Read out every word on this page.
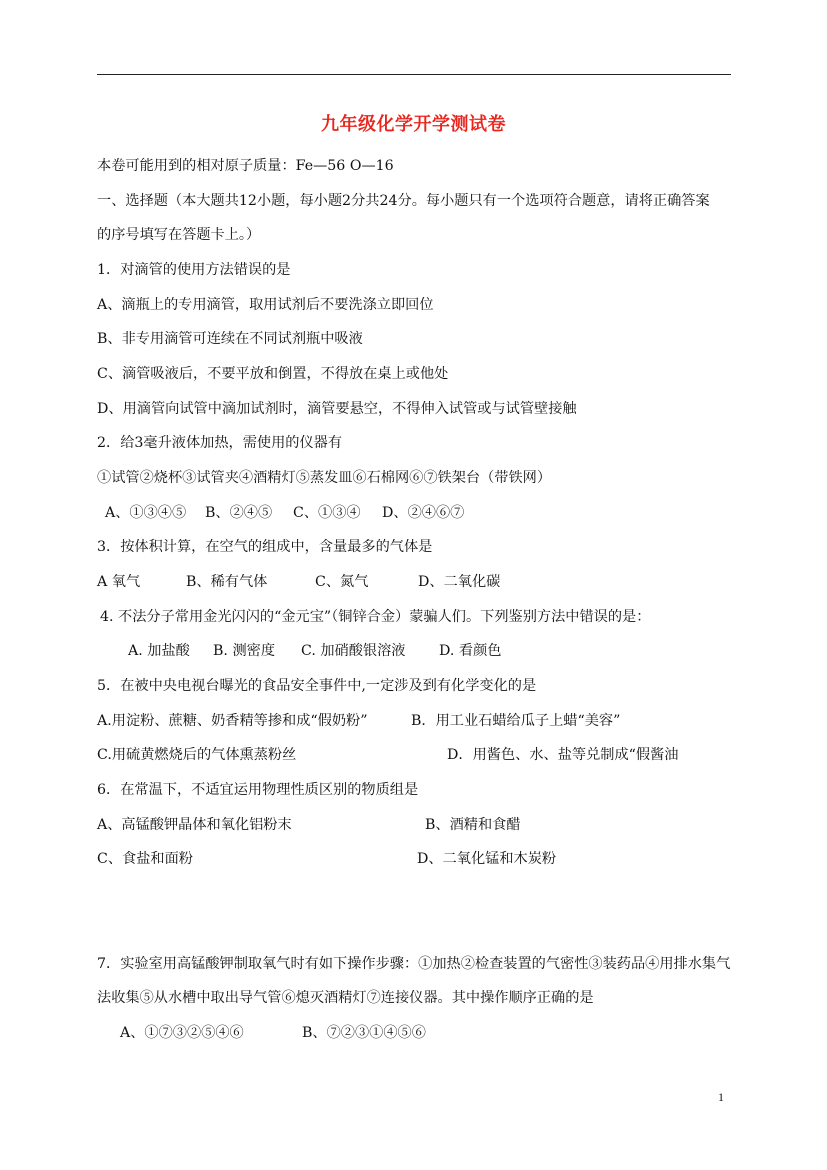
九年级化学开学测试卷
本卷可能用到的相对原子质量：Fe—56 O—16
一、选择题（本大题共12小题，每小题2分共24分。每小题只有一个选项符合题意，请将正确答案
的序号填写在答题卡上。）
1．对滴管的使用方法错误的是
A、滴瓶上的专用滴管，取用试剂后不要洗涤立即回位
B、非专用滴管可连续在不同试剂瓶中吸液
C、滴管吸液后，不要平放和倒置，不得放在桌上或他处
D、用滴管向试管中滴加试剂时，滴管要悬空，不得伸入试管或与试管壁接触
2．给3毫升液体加热，需使用的仪器有
①试管②烧杯③试管夹④酒精灯⑤蒸发皿⑥石棉网⑥⑦铁架台（带铁网）
A、①③④⑤ B、②④⑤ C、①③④ D、②④⑥⑦
3．按体积计算，在空气的组成中，含量最多的气体是
A 氧气	B、稀有气体	C、氮气	D、二氧化碳
4. 不法分子常用金光闪闪的“金元宝”（铜锌合金）蒙骗人们。下列鉴别方法中错误的是：
A. 加盐酸 B. 测密度 C. 加硝酸银溶液 D. 看颜色
5．在被中央电视台曝光的食品安全事件中,一定涉及到有化学变化的是
A.用淀粉、蔗糖、奶香精等掺和成“假奶粉”	B．用工业石蜡给瓜子上蜡“美容”
C.用硫黄燃烧后的气体熏蒸粉丝	D．用酱色、水、盐等兑制成“假酱油
6．在常温下，不适宜运用物理性质区别的物质组是
A、高锰酸钾晶体和氧化铝粉末	B、酒精和食醋
C、食盐和面粉	D、二氧化锰和木炭粉
7．实验室用高锰酸钾制取氧气时有如下操作步骤：①加热②检查装置的气密性③装药品④用排水集气
法收集⑤从水槽中取出导气管⑥熄灭酒精灯⑦连接仪器。其中操作顺序正确的是
A、①⑦③②⑤④⑥	B、⑦②③①④⑤⑥
1
